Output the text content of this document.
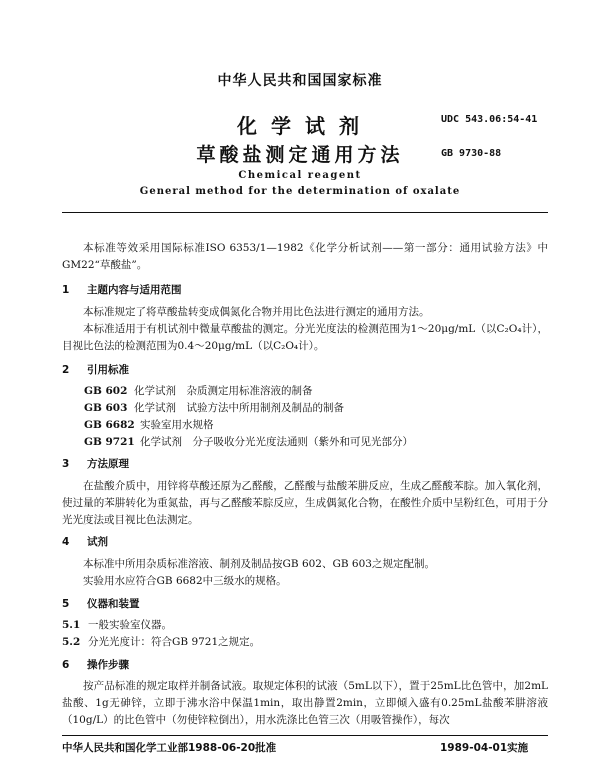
中华人民共和国国家标准
UDC 543.06:54-41
化学试剂
GB 9730-88
草酸盐测定通用方法
Chemical reagent
General method for the determination of oxalate
本标准等效采用国际标准ISO 6353/1—1982《化学分析试剂——第一部分：通用试验方法》中GM22“草酸盐”。
1 主题内容与适用范围
本标准规定了将草酸盐转变成偶氮化合物并用比色法进行测定的通用方法。
本标准适用于有机试剂中微量草酸盐的测定。分光光度法的检测范围为1～20μg/mL（以C₂O₄计），目视比色法的检测范围为0.4～20μg/mL（以C₂O₄计）。
2 引用标准
GB 602 化学试剂　杂质测定用标准溶液的制备
GB 603 化学试剂　试验方法中所用制剂及制品的制备
GB 6682 实验室用水规格
GB 9721 化学试剂　分子吸收分光光度法通则（紫外和可见光部分）
3 方法原理
在盐酸介质中，用锌将草酸还原为乙醛酸，乙醛酸与盐酸苯肼反应，生成乙醛酸苯腙。加入氧化剂，使过量的苯肼转化为重氮盐，再与乙醛酸苯腙反应，生成偶氮化合物，在酸性介质中呈粉红色，可用于分光光度法或目视比色法测定。
4 试剂
本标准中所用杂质标准溶液、制剂及制品按GB 602、GB 603之规定配制。
实验用水应符合GB 6682中三级水的规格。
5 仪器和装置
5.1 一般实验室仪器。
5.2 分光光度计：符合GB 9721之规定。
6 操作步骤
按产品标准的规定取样并制备试液。取规定体积的试液（5mL以下），置于25mL比色管中，加2mL盐酸、1g无砷锌，立即于沸水浴中保温1min，取出静置2min，立即倾入盛有0.25mL盐酸苯肼溶液（10g/L）的比色管中（勿使锌粒倒出），用水洗涤比色管三次（用吸管操作），每次
中华人民共和国化学工业部1988-06-20批准	1989-04-01实施
